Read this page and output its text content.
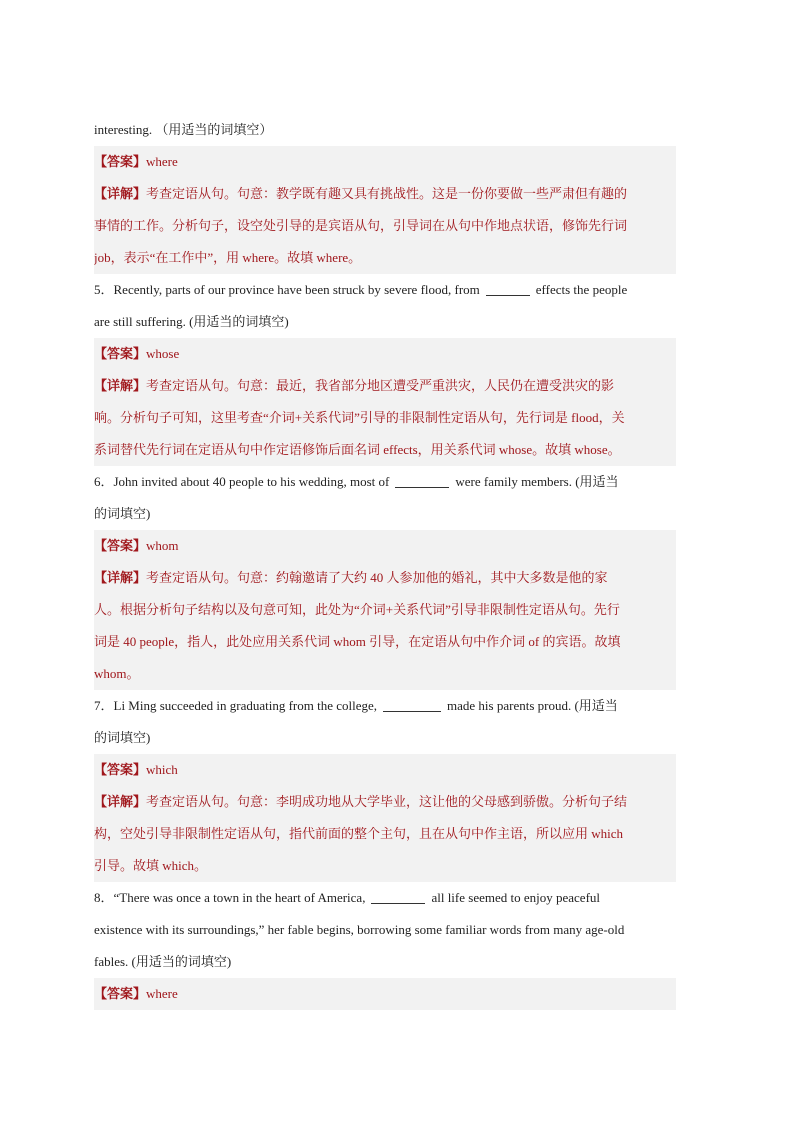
interesting. （用适当的词填空）
【答案】where
【详解】考查定语从句。句意：教学既有趣又具有挑战性。这是一份你要做一些严肃但有趣的
事情的工作。分析句子，设空处引导的是宾语从句，引导词在从句中作地点状语，修饰先行词
job，表示“在工作中”，用 where。故填 where。
5．Recently, parts of our province have been struck by severe flood, from	effects the people
are still suffering. (用适当的词填空)
【答案】whose
【详解】考查定语从句。句意：最近，我省部分地区遭受严重洪灾，人民仍在遭受洪灾的影
响。分析句子可知，这里考查“介词+关系代词”引导的非限制性定语从句，先行词是 flood，关
系词替代先行词在定语从句中作定语修饰后面名词 effects，用关系代词 whose。故填 whose。
6．John invited about 40 people to his wedding, most of	were family members. (用适当
的词填空)
【答案】whom
【详解】考查定语从句。句意：约翰邀请了大约 40 人参加他的婚礼，其中大多数是他的家
人。根据分析句子结构以及句意可知，此处为“介词+关系代词”引导非限制性定语从句。先行
词是 40 people，指人，此处应用关系代词 whom 引导，在定语从句中作介词 of 的宾语。故填
whom。
7．Li Ming succeeded in graduating from the college,	made his parents proud. (用适当
的词填空)
【答案】which
【详解】考查定语从句。句意：李明成功地从大学毕业，这让他的父母感到骄傲。分析句子结
构，空处引导非限制性定语从句，指代前面的整个主句，且在从句中作主语，所以应用 which
引导。故填 which。
8．“There was once a town in the heart of America,	all life seemed to enjoy peaceful
existence with its surroundings,” her fable begins, borrowing some familiar words from many age-old
fables. (用适当的词填空)
【答案】where
